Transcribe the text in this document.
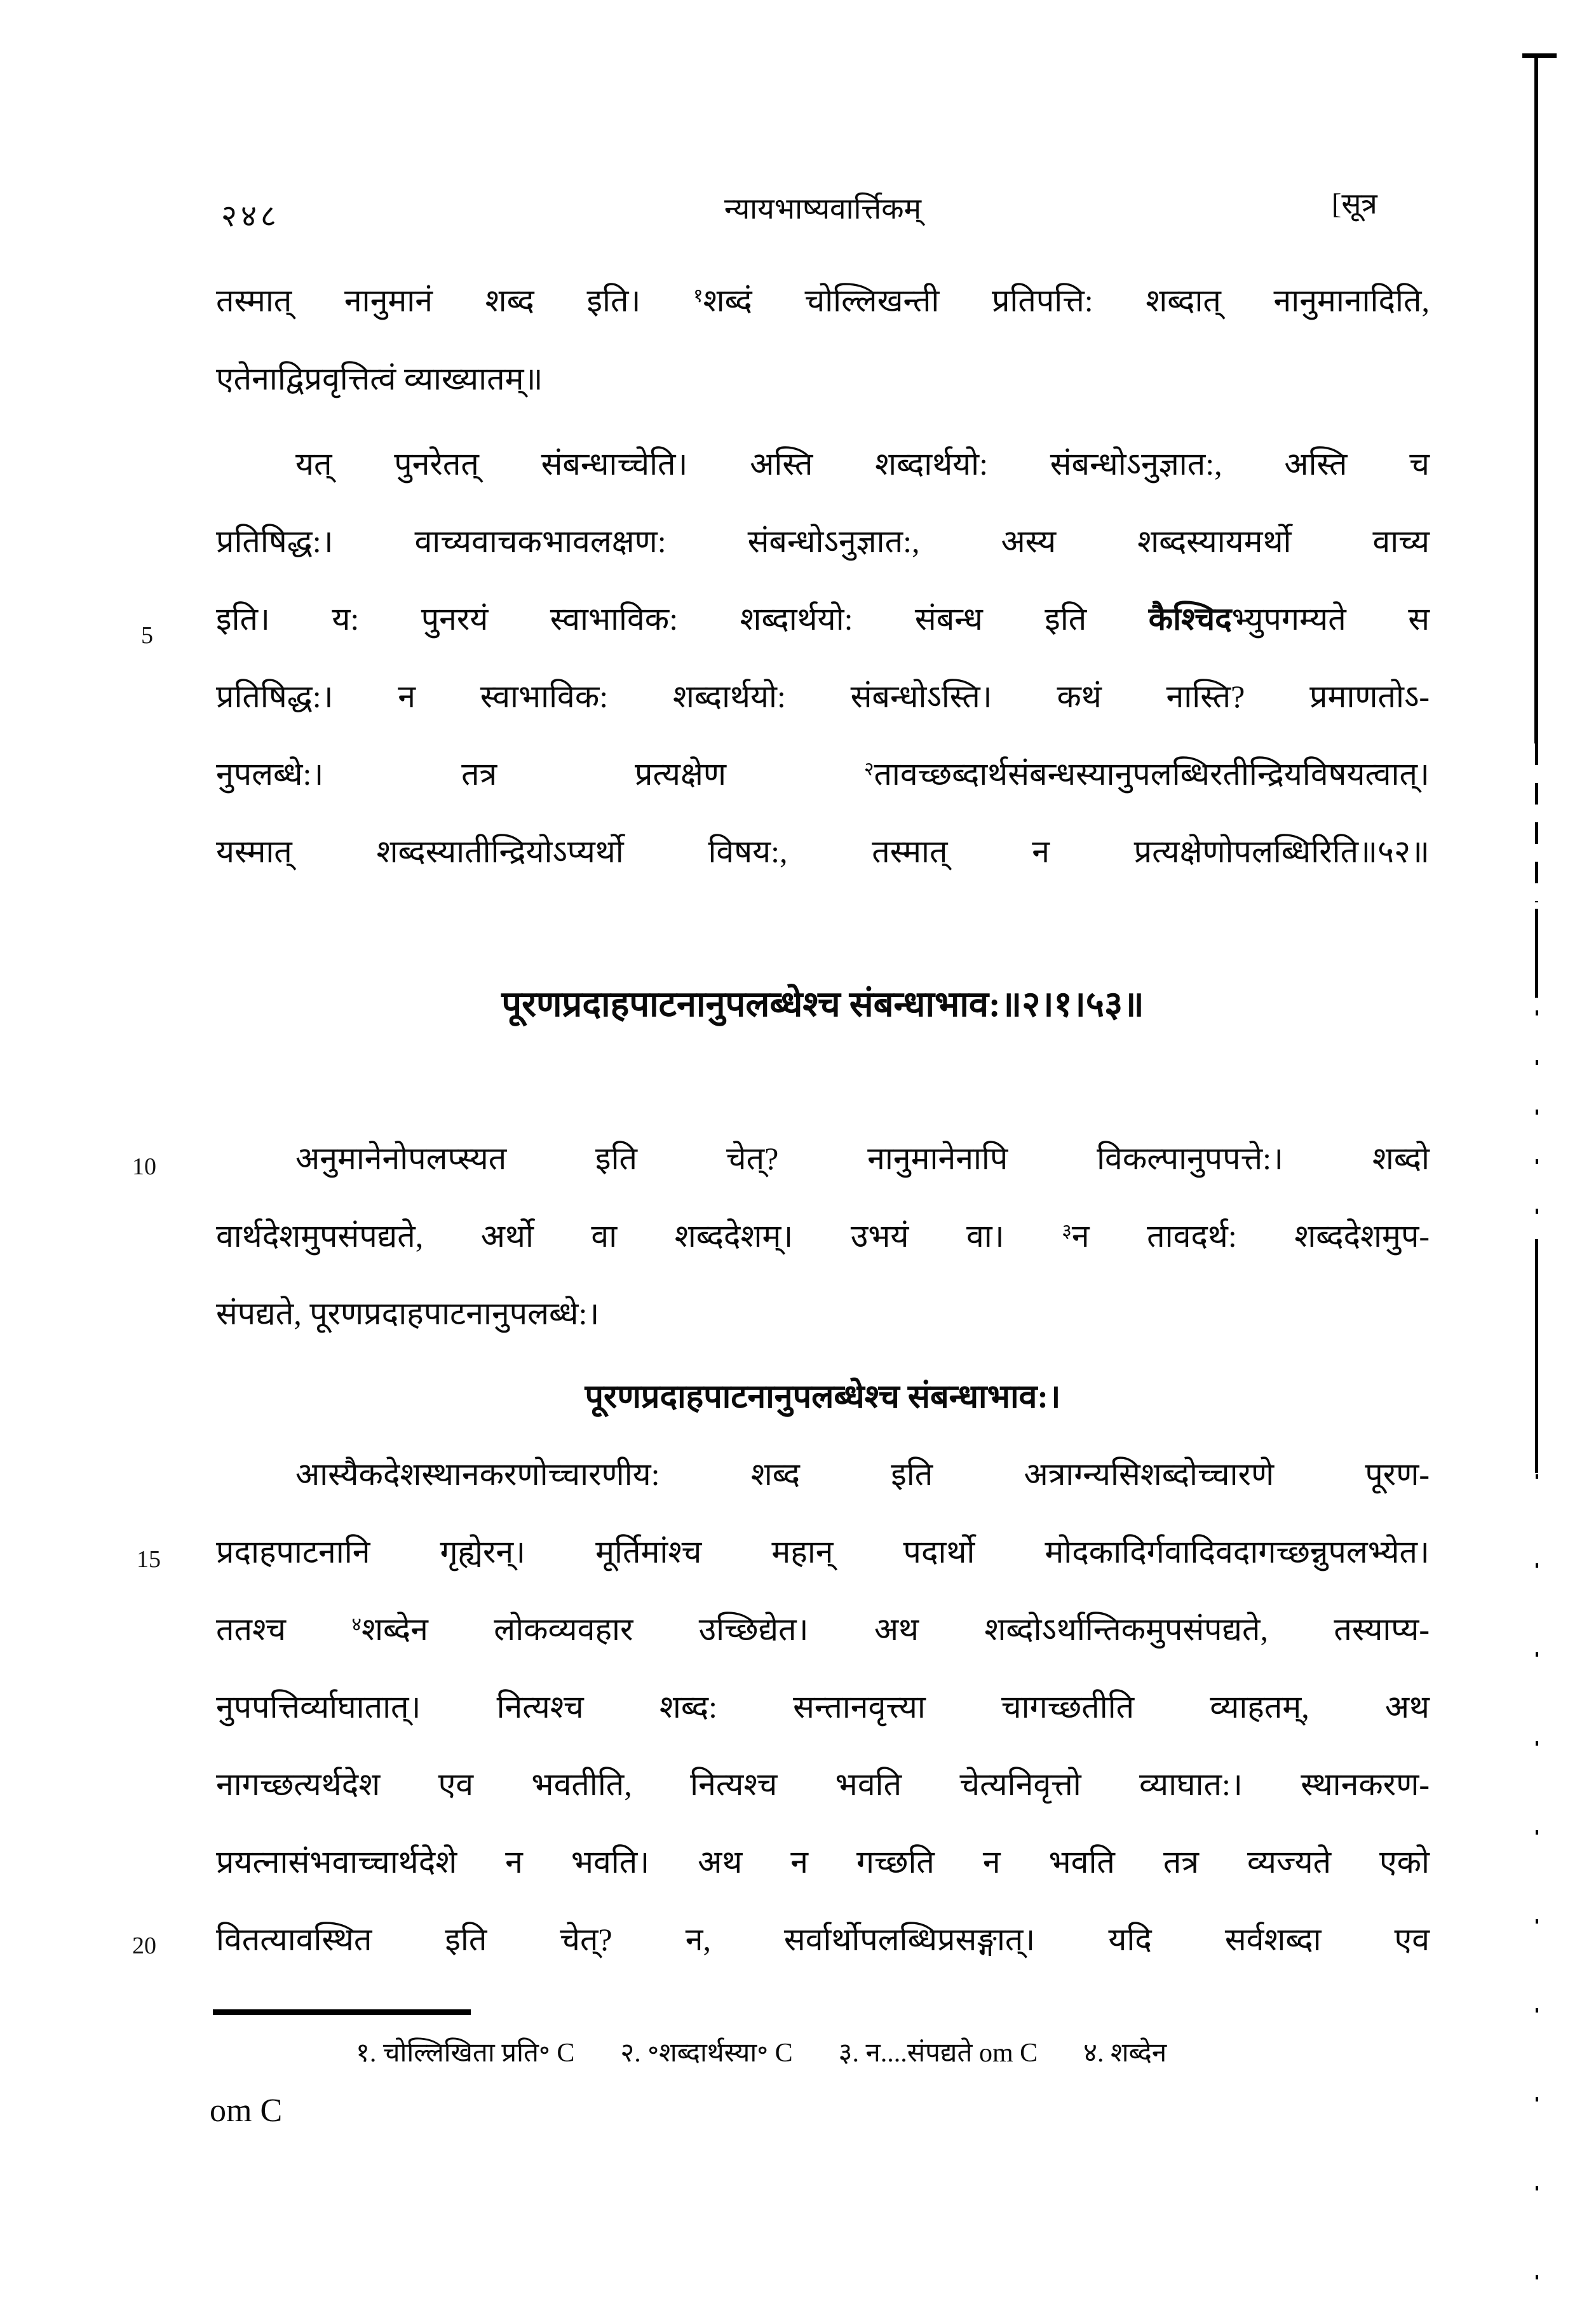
२४८	न्यायभाष्यवार्त्तिकम्	[सूत्र
5
10
15
20
तस्मात् नानुमानं शब्द इति। $^१$शब्दं चोल्लिखन्ती प्रतिपत्ति: शब्दात् नानुमानादिति,
एतेनाद्विप्रवृत्तित्वं व्याख्यातम्॥
यत् पुनरेतत् संबन्धाच्चेति। अस्ति शब्दार्थयो: संबन्धोऽनुज्ञात:, अस्ति च
प्रतिषिद्ध:। वाच्यवाचकभावलक्षण: संबन्धोऽनुज्ञात:, अस्य शब्दस्यायमर्थो वाच्य
इति। य: पुनरयं स्वाभाविक: शब्दार्थयो: संबन्ध इति कैश्चिदभ्युपगम्यते स
प्रतिषिद्ध:। न स्वाभाविक: शब्दार्थयो: संबन्धोऽस्ति। कथं नास्ति? प्रमाणतोऽ-
नुपलब्धे:। तत्र प्रत्यक्षेण $^२$तावच्छब्दार्थसंबन्धस्यानुपलब्धिरतीन्द्रियविषयत्वात्।
यस्मात् शब्दस्यातीन्द्रियोऽप्यर्थो विषय:, तस्मात् न प्रत्यक्षेणोपलब्धिरिति॥५२॥
अनुमानेनोपलप्स्यत इति चेत्? नानुमानेनापि विकल्पानुपपत्ते:। शब्दो
वार्थदेशमुपसंपद्यते, अर्थो वा शब्ददेशम्। उभयं वा। $^३$न तावदर्थ: शब्ददेशमुप-
संपद्यते, पूरणप्रदाहपाटनानुपलब्धे:।
आस्यैकदेशस्थानकरणोच्चारणीय: शब्द इति अत्राग्न्यसिशब्दोच्चारणे पूरण-
प्रदाहपाटनानि गृह्येरन्। मूर्तिमांश्च महान् पदार्थो मोदकादिर्गवादिवदागच्छन्नुपलभ्येत।
ततश्च $^४$शब्देन लोकव्यवहार उच्छिद्येत। अथ शब्दोऽर्थान्तिकमुपसंपद्यते, तस्याप्य-
नुपपत्तिर्व्याघातात्। नित्यश्च शब्द: सन्तानवृत्त्या चागच्छतीति व्याहतम्, अथ
नागच्छत्यर्थदेश एव भवतीति, नित्यश्च भवति चेत्यनिवृत्तो व्याघात:। स्थानकरण-
प्रयत्नासंभवाच्चार्थदेशे न भवति। अथ न गच्छति न भवति तत्र व्यज्यते एको
वितत्यावस्थित इति चेत्? न, सर्वार्थोपलब्धिप्रसङ्गात्। यदि सर्वशब्दा एव
पूरणप्रदाहपाटनानुपलब्धेश्च संबन्धाभाव:॥२।१।५३॥
पूरणप्रदाहपाटनानुपलब्धेश्च संबन्धाभाव:।
१. चोल्लिखिता प्रति॰ C २. ॰शब्दार्थस्या॰ C ३. न....संपद्यते om C ४. शब्देन
om C
